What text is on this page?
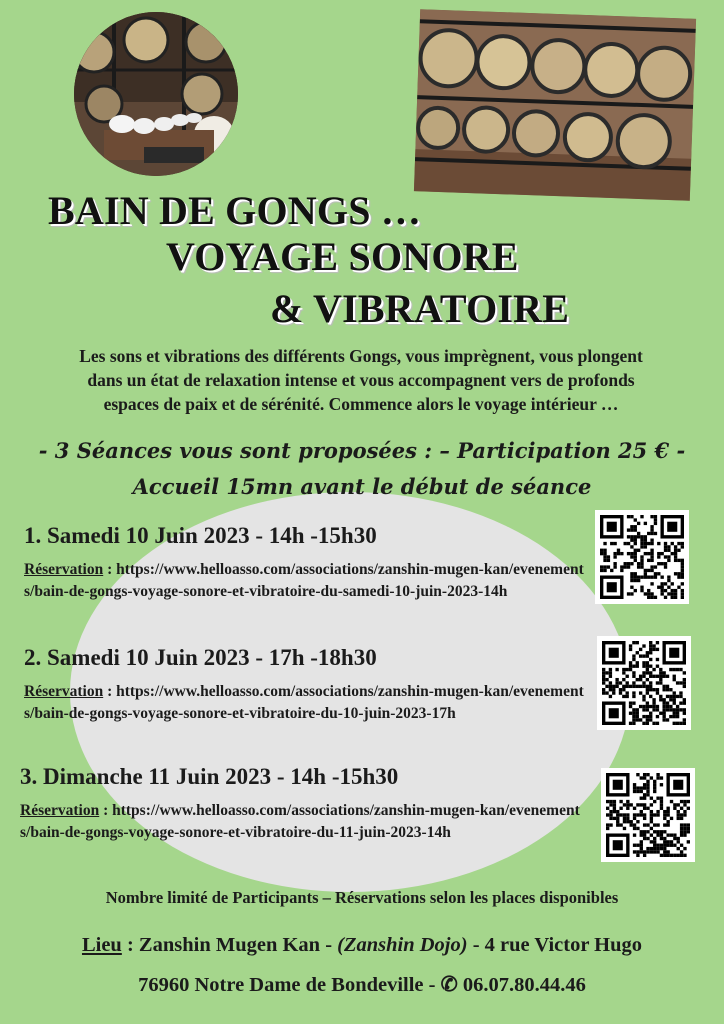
BAIN DE GONGS …
VOYAGE SONORE
& VIBRATOIRE
Les sons et vibrations des différents Gongs, vous imprègnent, vous plongent
dans un état de relaxation intense et vous accompagnent vers de profonds
espaces de paix et de sérénité. Commence alors le voyage intérieur …
- 3 Séances vous sont proposées : – Participation 25 € -
Accueil 15mn avant le début de séance
1. Samedi 10 Juin 2023 - 14h -15h30
Réservation : https://www.helloasso.com/associations/zanshin-mugen-kan/evenements/bain-de-gongs-voyage-sonore-et-vibratoire-du-samedi-10-juin-2023-14h
2. Samedi 10 Juin 2023 - 17h -18h30
Réservation : https://www.helloasso.com/associations/zanshin-mugen-kan/evenements/bain-de-gongs-voyage-sonore-et-vibratoire-du-10-juin-2023-17h
3. Dimanche 11 Juin 2023 - 14h -15h30
Réservation : https://www.helloasso.com/associations/zanshin-mugen-kan/evenements/bain-de-gongs-voyage-sonore-et-vibratoire-du-11-juin-2023-14h
Nombre limité de Participants – Réservations selon les places disponibles
Lieu : Zanshin Mugen Kan - (Zanshin Dojo) - 4 rue Victor Hugo
76960 Notre Dame de Bondeville - ✆ 06.07.80.44.46
